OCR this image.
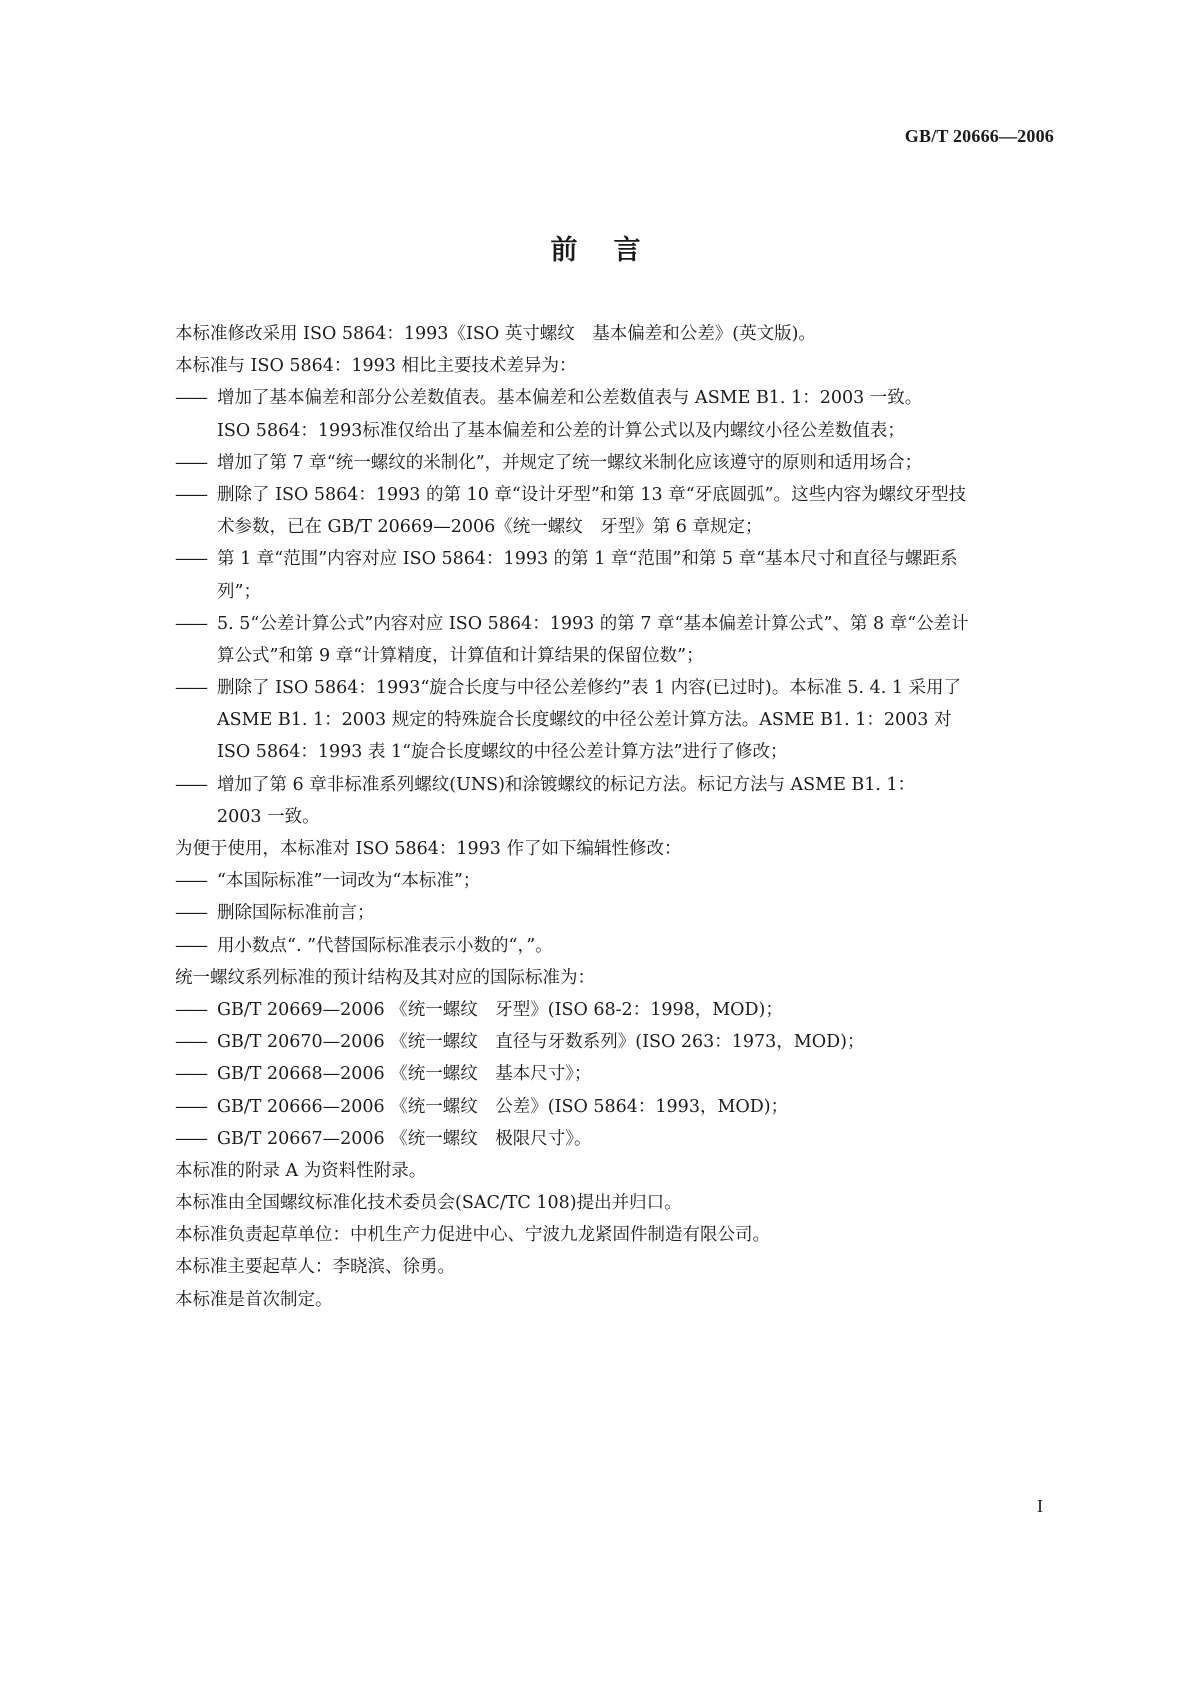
GB/T 20666—2006
前言
本标准修改采用 ISO 5864：1993《ISO 英寸螺纹　基本偏差和公差》(英文版)。
本标准与 ISO 5864：1993 相比主要技术差异为：
—— 增加了基本偏差和部分公差数值表。基本偏差和公差数值表与 ASME B1. 1：2003 一致。
ISO 5864：1993标准仅给出了基本偏差和公差的计算公式以及内螺纹小径公差数值表；
—— 增加了第 7 章“统一螺纹的米制化”，并规定了统一螺纹米制化应该遵守的原则和适用场合；
—— 删除了 ISO 5864：1993 的第 10 章“设计牙型”和第 13 章“牙底圆弧”。这些内容为螺纹牙型技
术参数，已在 GB/T 20669—2006《统一螺纹　牙型》第 6 章规定；
—— 第 1 章“范围”内容对应 ISO 5864：1993 的第 1 章“范围”和第 5 章“基本尺寸和直径与螺距系
列”；
—— 5. 5“公差计算公式”内容对应 ISO 5864：1993 的第 7 章“基本偏差计算公式”、第 8 章“公差计
算公式”和第 9 章“计算精度，计算值和计算结果的保留位数”；
—— 删除了 ISO 5864：1993“旋合长度与中径公差修约”表 1 内容(已过时)。本标准 5. 4. 1 采用了
ASME B1. 1：2003 规定的特殊旋合长度螺纹的中径公差计算方法。ASME B1. 1：2003 对
ISO 5864：1993 表 1“旋合长度螺纹的中径公差计算方法”进行了修改；
—— 增加了第 6 章非标准系列螺纹(UNS)和涂镀螺纹的标记方法。标记方法与 ASME B1. 1：
2003 一致。
为便于使用，本标准对 ISO 5864：1993 作了如下编辑性修改：
—— “本国际标准”一词改为“本标准”；
—— 删除国际标准前言；
—— 用小数点“. ”代替国际标准表示小数的“，”。
统一螺纹系列标准的预计结构及其对应的国际标准为：
—— GB/T 20669—2006 《统一螺纹　牙型》(ISO 68-2：1998，MOD)；
—— GB/T 20670—2006 《统一螺纹　直径与牙数系列》(ISO 263：1973，MOD)；
—— GB/T 20668—2006 《统一螺纹　基本尺寸》；
—— GB/T 20666—2006 《统一螺纹　公差》(ISO 5864：1993，MOD)；
—— GB/T 20667—2006 《统一螺纹　极限尺寸》。
本标准的附录 A 为资料性附录。
本标准由全国螺纹标准化技术委员会(SAC/TC 108)提出并归口。
本标准负责起草单位：中机生产力促进中心、宁波九龙紧固件制造有限公司。
本标准主要起草人：李晓滨、徐勇。
本标准是首次制定。
I
